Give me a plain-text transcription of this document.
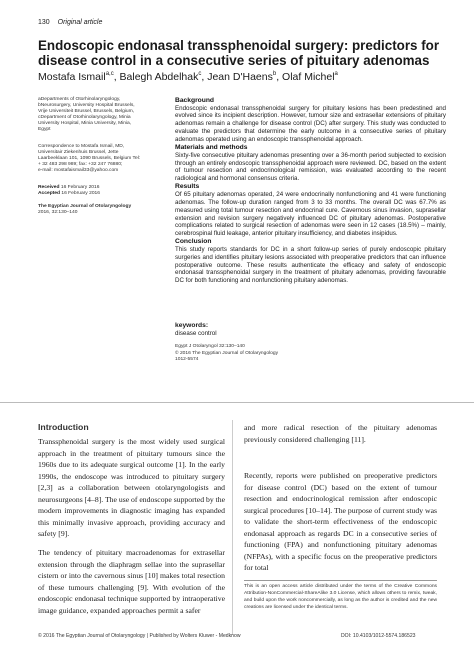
130 Original article
Endoscopic endonasal transsphenoidal surgery: predictors for disease control in a consecutive series of pituitary adenomas
Mostafa Ismail$^{a,c}$, Balegh Abdelhak$^c$, Jean D'Haens$^b$, Olaf Michel$^a$

aDepartments of Otorhinolaryngology,

bNeurosurgery, University Hospital Brussels,

Vrije Universiteit Brussel, Brussels, Belgium,

cDepartment of Otorhinolaryngology, Minia

University Hospital, Minia University, Minia,

Egypt

Correspondence to Mostafa Ismail, MD,

Universitair Ziekenhuis Brussel, Jette

Laarbeeklaan 101, 1090 Brussels, Belgium Tel:

+ 32 483 298 989; fax: +32 247 76880;

e-mail: mostafaismail33@yahoo.com

Received 16 February 2016

Accepted 16 February 2016

The Egyptian Journal of Otolaryngology

2016, 32:130–140

Background

Endoscopic endonasal transsphenoidal surgery for pituitary lesions has been predestined and evolved since its incipient description. However, tumour size and extrasellar extensions of pituitary adenomas remain a challenge for disease control (DC) after surgery. This study was conducted to evaluate the predictors that determine the early outcome in a consecutive series of pituitary adenomas operated using an endoscopic transsphenoidal approach.

Materials and methods

Sixty-five consecutive pituitary adenomas presenting over a 36-month period subjected to excision through an entirely endoscopic transsphenoidal approach were reviewed. DC, based on the extent of tumour resection and endocrinological remission, was evaluated according to the recent radiological and hormonal consensus criteria.

Results

Of 65 pituitary adenomas operated, 24 were endocrinally nonfunctioning and 41 were functioning adenomas. The follow-up duration ranged from 3 to 33 months. The overall DC was 67.7% as measured using total tumour resection and endocrinal cure. Cavernous sinus invasion, suprasellar extension and revision surgery negatively influenced DC of pituitary adenomas. Postoperative complications related to surgical resection of adenomas were seen in 12 cases (18.5%) – mainly, cerebrospinal fluid leakage, anterior pituitary insufficiency, and diabetes insipidus.

Conclusion

This study reports standards for DC in a short follow-up series of purely endoscopic pituitary surgeries and identifies pituitary lesions associated with preoperative predictors that can influence postoperative outcome. These results authenticate the efficacy and safety of endoscopic endonasal transsphenoidal surgery in the treatment of pituitary adenomas, providing favourable DC for both functioning and nonfunctioning pituitary adenomas.

keywords:
disease control

Egypt J Otolaryngol 32:130–140

© 2016 The Egyptian Journal of Otolaryngology

1012-5574

Introduction

Transsphenoidal surgery is the most widely used surgical approach in the treatment of pituitary tumours since the 1960s due to its adequate surgical outcome [1]. In the early 1990s, the endoscope was introduced to pituitary surgery [2,3] as a collaboration between otolaryngologists and neurosurgeons [4–8]. The use of endoscope supported by the modern improvements in diagnostic imaging has expanded this minimally invasive approach, providing accuracy and safety [9].

The tendency of pituitary macroadenomas for extrasellar extension through the diaphragm sellae into the suprasellar cistern or into the cavernous sinus [10] makes total resection of these tumours challenging [9]. With evolution of the endoscopic endonasal technique supported by intraoperative image guidance, expanded approaches permit a safer

and more radical resection of the pituitary adenomas previously considered challenging [11].

Recently, reports were published on preoperative predictors for disease control (DC) based on the extent of tumour resection and endocrinological remission after endoscopic surgical procedures [10–14]. The purpose of current study was to validate the short-term effectiveness of the endoscopic endonasal approach as regards DC in a consecutive series of functioning (FPA) and nonfunctioning pituitary adenomas (NFPAs), with a specific focus on the preoperative predictors for total

This is an open access article distributed under the terms of the Creative Commons Attribution-NonCommercial-ShareAlike 3.0 License, which allows others to remix, tweak, and build upon the work noncommercially, as long as the author is credited and the new creations are licensed under the identical terms.
© 2016 The Egyptian Journal of Otolaryngology | Published by Wolters Kluwer - Medknow	DOI: 10.4103/1012-5574.186523
